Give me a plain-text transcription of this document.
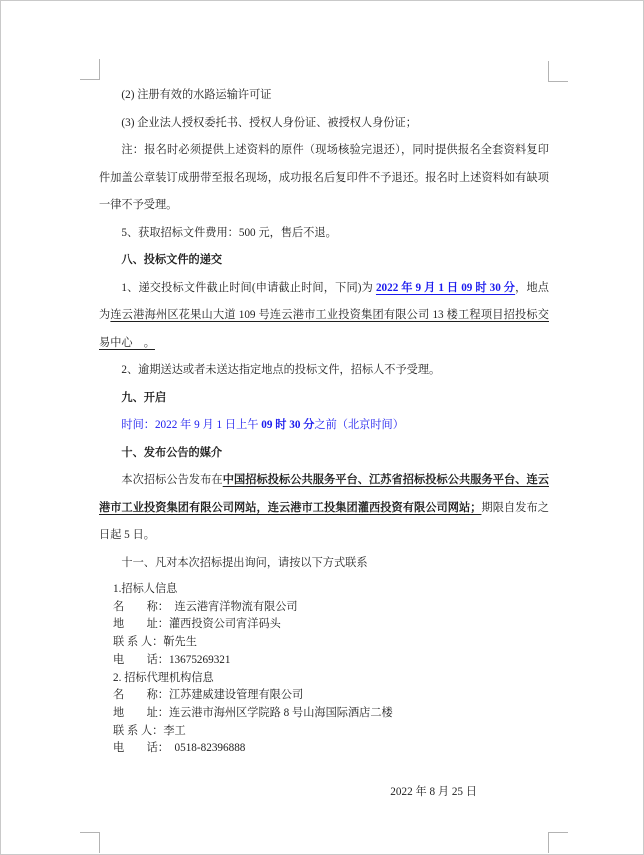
(2) 注册有效的水路运输许可证

(3) 企业法人授权委托书、授权人身份证、被授权人身份证；

注：报名时必须提供上述资料的原件（现场核验完退还），同时提供报名全套资料复印件加盖公章装订成册带至报名现场，成功报名后复印件不予退还。报名时上述资料如有缺项一律不予受理。

5、获取招标文件费用：500 元，售后不退。

八、投标文件的递交

1、递交投标文件截止时间(申请截止时间，下同)为 2022 年 9 月 1 日 09 时 30 分，地点为连云港海州区花果山大道 109 号连云港市工业投资集团有限公司 13 楼工程项目招投标交易中心　。

2、逾期送达或者未送达指定地点的投标文件，招标人不予受理。

九、开启

时间：2022 年 9 月 1 日上午 09 时 30 分之前（北京时间）

十、发布公告的媒介

本次招标公告发布在中国招标投标公共服务平台、江苏省招标投标公共服务平台、连云港市工业投资集团有限公司网站，连云港市工投集团灌西投资有限公司网站；期限自发布之日起 5 日。

十一、凡对本次招标提出询问，请按以下方式联系

1.招标人信息
名　　称：　连云港宵洋物流有限公司
地　　址：灌西投资公司宵洋码头
联 系 人：靳先生
电　　话：13675269321
2. 招标代理机构信息
名　　称：江苏建威建设管理有限公司
地　　址：连云港市海州区学院路 8 号山海国际酒店二楼
联 系 人：李工
电　　话：　0518-82396888
2022 年 8 月 25 日
